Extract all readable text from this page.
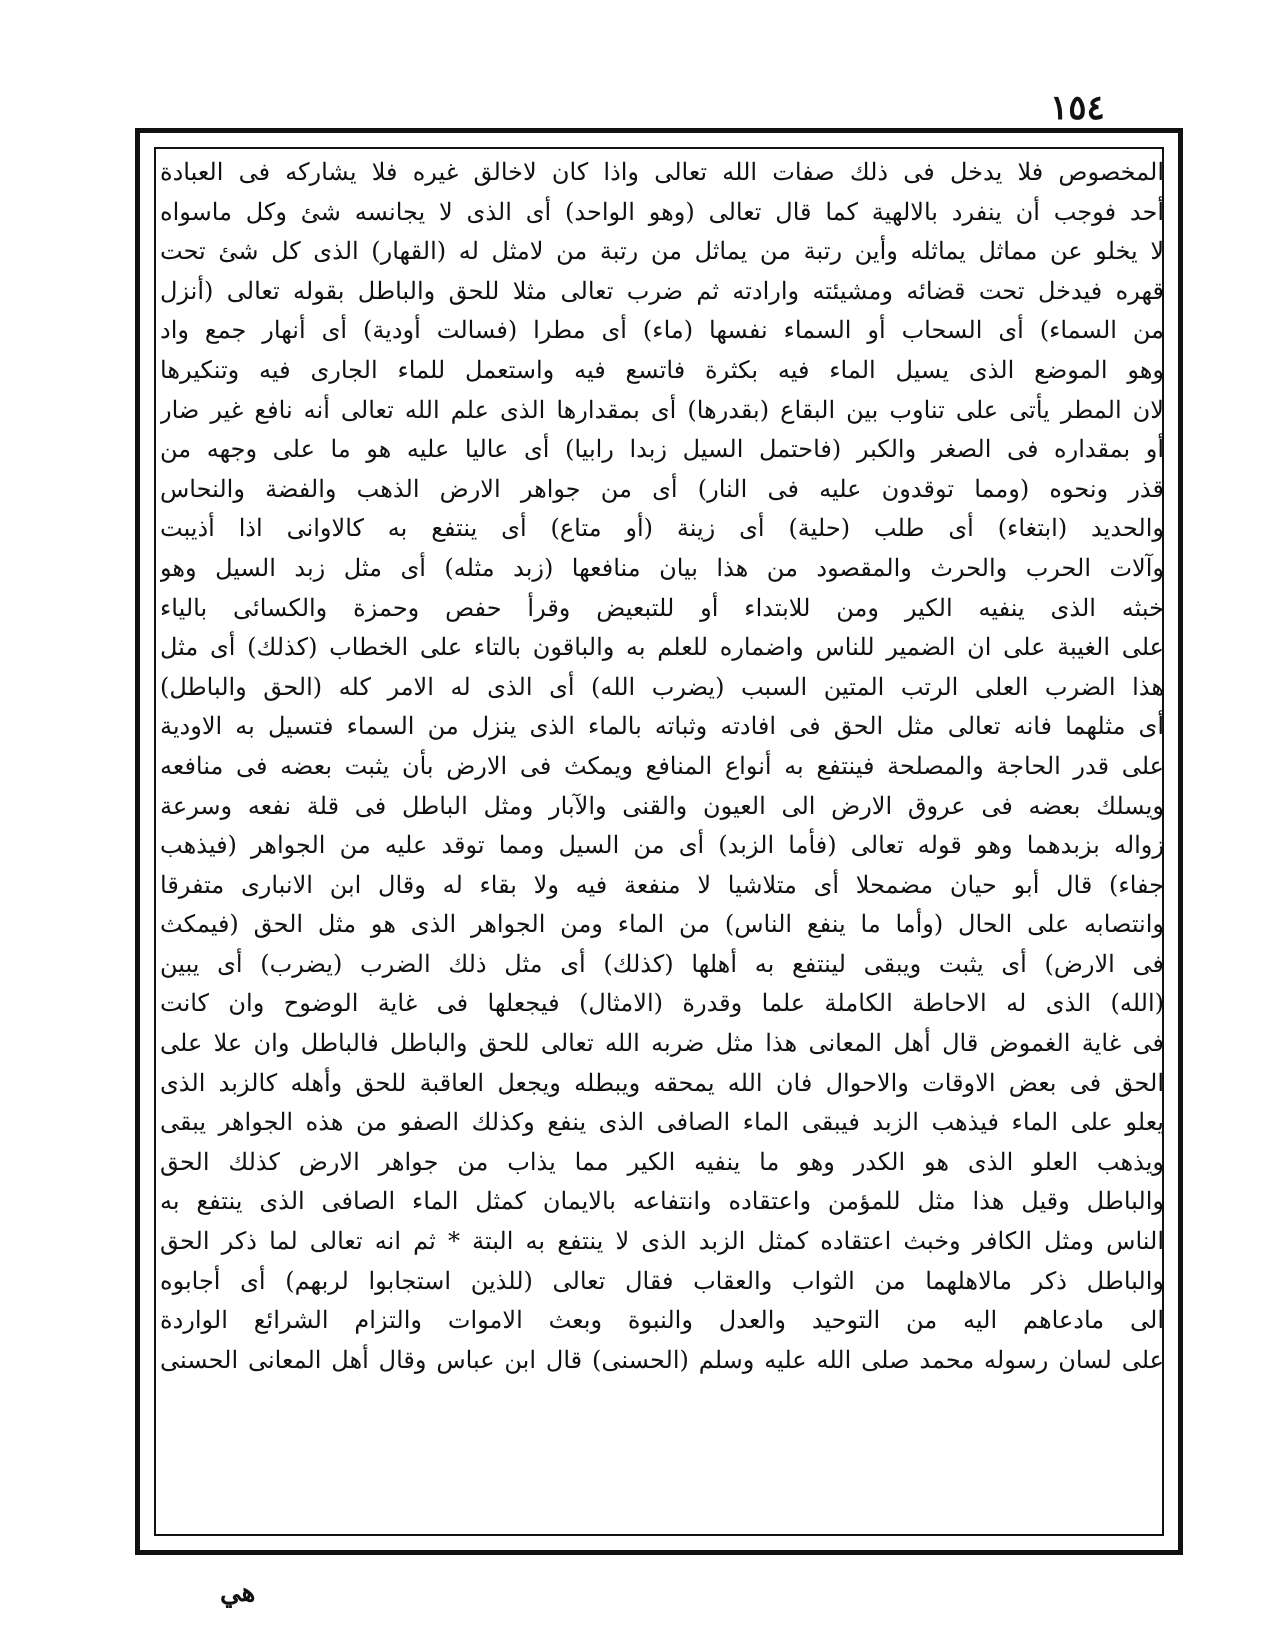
١٥٤
المخصوص فلا يدخل فى ذلك صفات الله تعالى واذا كان لاخالق غيره فلا يشاركه فى العبادة
أحد فوجب أن ينفرد بالالهية كما قال تعالى (وهو الواحد) أى الذى لا يجانسه شئ وكل ماسواه
لا يخلو عن مماثل يماثله وأين رتبة من يماثل من رتبة من لامثل له (القهار) الذى كل شئ تحت
قهره فيدخل تحت قضائه ومشيئته وارادته ثم ضرب تعالى مثلا للحق والباطل بقوله تعالى (أنزل
من السماء) أى السحاب أو السماء نفسها (ماء) أى مطرا (فسالت أودية) أى أنهار جمع واد
وهو الموضع الذى يسيل الماء فيه بكثرة فاتسع فيه واستعمل للماء الجارى فيه وتنكيرها
لان المطر يأتى على تناوب بين البقاع (بقدرها) أى بمقدارها الذى علم الله تعالى أنه نافع غير ضار
أو بمقداره فى الصغر والكبر (فاحتمل السيل زبدا رابيا) أى عاليا عليه هو ما على وجهه من
قذر ونحوه (ومما توقدون عليه فى النار) أى من جواهر الارض الذهب والفضة والنحاس
والحديد (ابتغاء) أى طلب (حلية) أى زينة (أو متاع) أى ينتفع به كالاوانى اذا أذيبت
وآلات الحرب والحرث والمقصود من هذا بيان منافعها (زبد مثله) أى مثل زبد السيل وهو
خبثه الذى ينفيه الكير ومن للابتداء أو للتبعيض وقرأ حفص وحمزة والكسائى بالياء
على الغيبة على ان الضمير للناس واضماره للعلم به والباقون بالتاء على الخطاب (كذلك) أى مثل
هذا الضرب العلى الرتب المتين السبب (يضرب الله) أى الذى له الامر كله (الحق والباطل)
أى مثلهما فانه تعالى مثل الحق فى افادته وثباته بالماء الذى ينزل من السماء فتسيل به الاودية
على قدر الحاجة والمصلحة فينتفع به أنواع المنافع ويمكث فى الارض بأن يثبت بعضه فى منافعه
ويسلك بعضه فى عروق الارض الى العيون والقنى والآبار ومثل الباطل فى قلة نفعه وسرعة
زواله بزبدهما وهو قوله تعالى (فأما الزبد) أى من السيل ومما توقد عليه من الجواهر (فيذهب
جفاء) قال أبو حيان مضمحلا أى متلاشيا لا منفعة فيه ولا بقاء له وقال ابن الانبارى متفرقا
وانتصابه على الحال (وأما ما ينفع الناس) من الماء ومن الجواهر الذى هو مثل الحق (فيمكث
فى الارض) أى يثبت ويبقى لينتفع به أهلها (كذلك) أى مثل ذلك الضرب (يضرب) أى يبين
(الله) الذى له الاحاطة الكاملة علما وقدرة (الامثال) فيجعلها فى غاية الوضوح وان كانت
فى غاية الغموض قال أهل المعانى هذا مثل ضربه الله تعالى للحق والباطل فالباطل وان علا على
الحق فى بعض الاوقات والاحوال فان الله يمحقه ويبطله ويجعل العاقبة للحق وأهله كالزبد الذى
يعلو على الماء فيذهب الزبد فيبقى الماء الصافى الذى ينفع وكذلك الصفو من هذه الجواهر يبقى
ويذهب العلو الذى هو الكدر وهو ما ينفيه الكير مما يذاب من جواهر الارض كذلك الحق
والباطل وقيل هذا مثل للمؤمن واعتقاده وانتفاعه بالايمان كمثل الماء الصافى الذى ينتفع به
الناس ومثل الكافر وخبث اعتقاده كمثل الزبد الذى لا ينتفع به البتة * ثم انه تعالى لما ذكر الحق
والباطل ذكر مالاهلهما من الثواب والعقاب فقال تعالى (للذين استجابوا لربهم) أى أجابوه
الى مادعاهم اليه من التوحيد والعدل والنبوة وبعث الاموات والتزام الشرائع الواردة
على لسان رسوله محمد صلى الله عليه وسلم (الحسنى) قال ابن عباس وقال أهل المعانى الحسنى
هي
